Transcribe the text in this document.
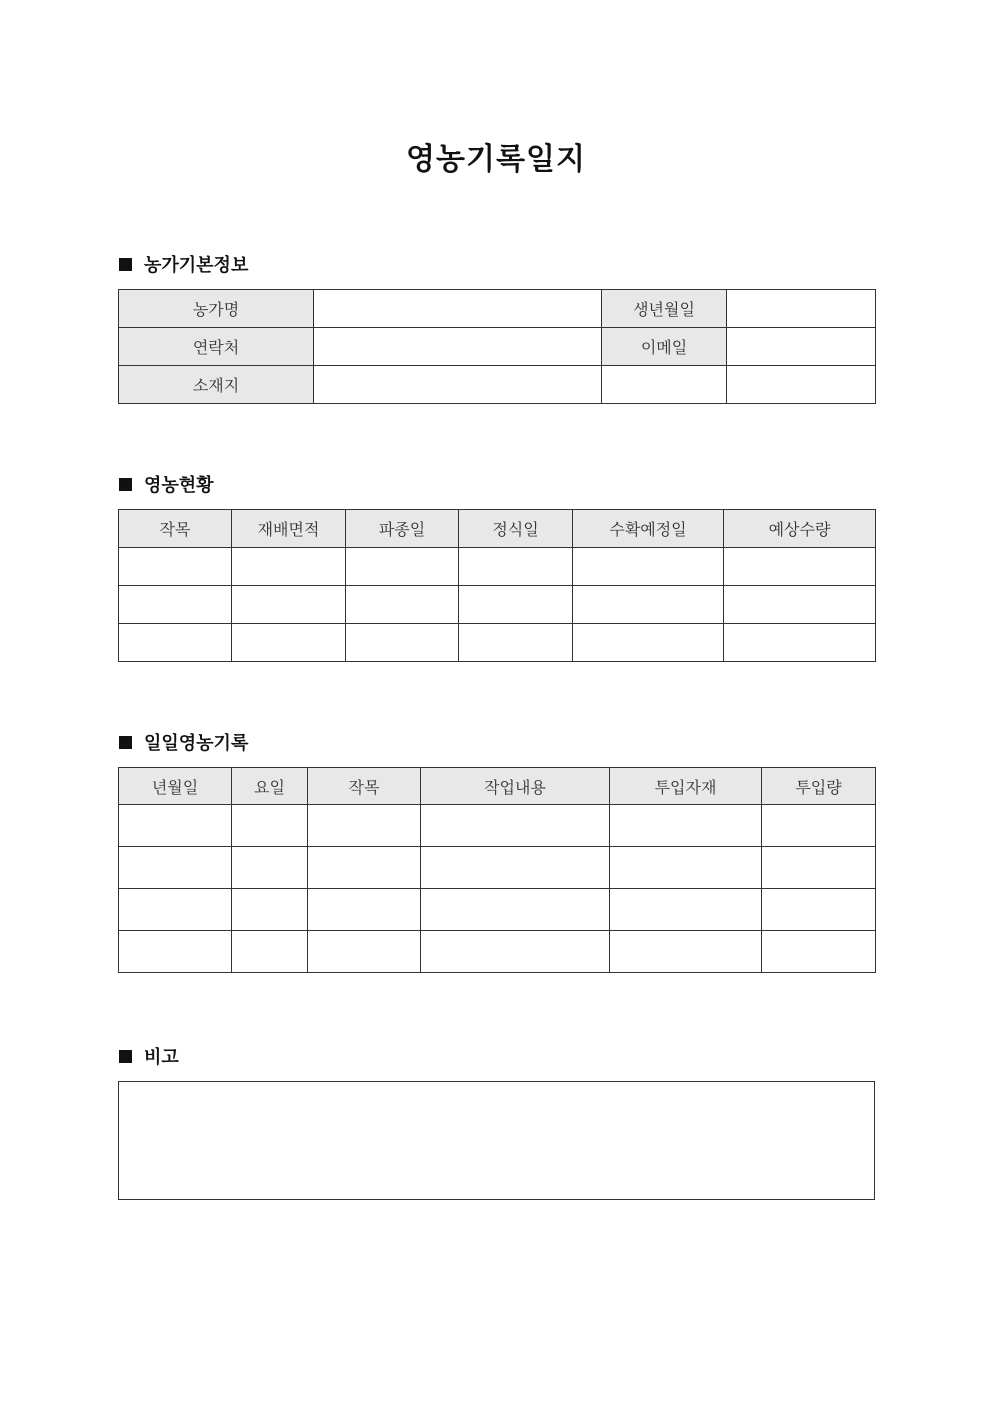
영농기록일지
농가기본정보
농가명		생년월일	
연락처		이메일	
소재지			
영농현황
작목	재배면적	파종일	정식일	수확예정일	예상수량

일일영농기록
년월일	요일	작목	작업내용	투입자재	투입량

비고
